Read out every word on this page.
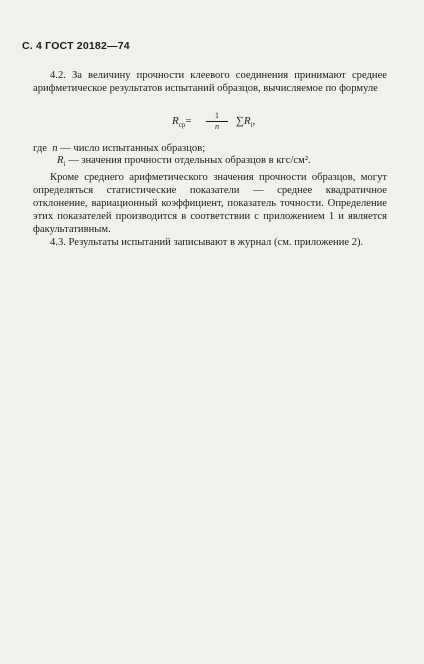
С. 4 ГОСТ 20182—74
4.2. За величину прочности клеевого соединения принимают среднее арифметическое результатов испытаний образцов, вычисляемое по формуле
$R_{ср}= \frac{1}{n} \sum R_i$,
где n — число испытанных образцов;
$R_i$ — значения прочности отдельных образцов в кгс/см².
Кроме среднего арифметического значения прочности образцов, могут определяться статистические показатели — среднее квадратичное отклонение, вариационный коэффициент, показатель точности. Определение этих показателей производится в соответствии с приложением 1 и является факультативным.
4.3. Результаты испытаний записывают в журнал (см. приложение 2).
